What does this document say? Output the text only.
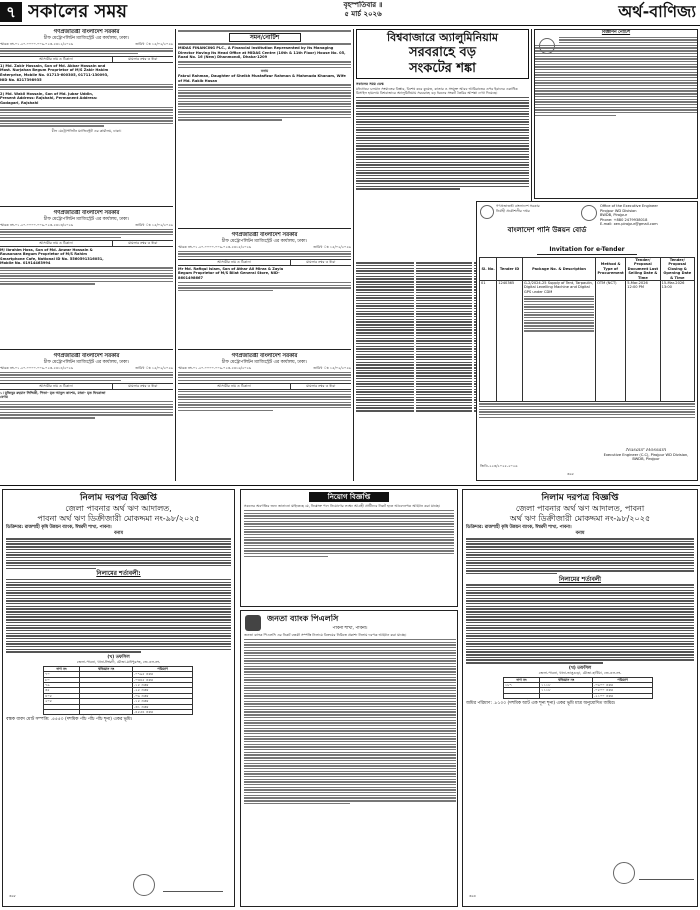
৭ সকালের সময়	বৃহস্পতিবার ॥
৫ মার্চ ২০২৬	অর্থ-বাণিজ্য
গণপ্রজাতন্ত্রী বাংলাদেশ সরকার
চীফ মেট্রোপলিটন ম্যাজিস্ট্রেট এর কার্যালয়, ঢাকা।
স্মারক নং-০১.২০.০০০০.০০৯.০২৩.২৩১২/২০২৬	তারিখ ঃ ১৫/০২/২০২৬
আসামীর নাম ও ঠিকানা	মামলার নম্বর ও ধারা
1) Md. Zakir Hossain, Son of Md. Akbar Hossain and Most. Nurjahan Begum Proprietor of M/S Zakir Hakim Enterprise, Mobile No. 01713-600305, 01711-130093, NID No. 8217398935
2) Md. Wakil Hossain, Son of Md. Jubar Uddin, Present Address: Rajshahi, Permanent Address: Godagari, Rajshahi
চীফ মেট্রোপলিটন ম্যাজিস্ট্রেট এর কার্যালয়, ঢাকা।
গণপ্রজাতন্ত্রী বাংলাদেশ সরকার
চীফ মেট্রোপলিটন ম্যাজিস্ট্রেট এর কার্যালয়, ঢাকা।
স্মারক নং-০১.২০.০০০০.০০৯.০২৩.২৩১৩/২০২৬	তারিখ ঃ ১৫/০২/২০২৬
আসামীর নাম ও ঠিকানা	মামলার নম্বর ও ধারা
M/ Ibrahim Hoss, Son of Md. Anwar Hossain & Rousonara Begum Proprietor of M/S Rahim Smartphone Cafe, National ID No. 5560591316051, Mobile No. 01914463994
গণপ্রজাতন্ত্রী বাংলাদেশ সরকার
চীফ মেট্রোপলিটন ম্যাজিস্ট্রেট এর কার্যালয়, ঢাকা।
স্মারক নং-০১.২০.০০০০.০০৯.০২৩.২৩১৪/২০২৬	তারিখ ঃ ১৫/০২/২০২৬
আসামীর নাম ও ঠিকানা	মামলার নম্বর ও ধারা
১। মুজিবুর রহমান সিদ্দিকী, পিতা- মৃত আবুল কাশেম, মাতা- মৃত ফিরোজা বেগম
সমন/নোটিশ
MIDAS FINANCING PLC., A Financial Institution Represented by its Managing Director Having its Head Office at MIDAS Centre (10th & 11th Floor) House No. 05, Road No. 16 (New) Dhanmondi, Dhaka-1209
বনাম
Fakrul Rahman, Daughter of Sheikh Mustafizur Rahman & Mahmuda Khanam, Wife of Md. Rakib Hasan
গণপ্রজাতন্ত্রী বাংলাদেশ সরকার
চীফ মেট্রোপলিটন ম্যাজিস্ট্রেট এর কার্যালয়, ঢাকা।
স্মারক নং-০১.২০.০০০০.০০৯.০২৩.২৩১৫/২০২৬	তারিখ ঃ ১৫/০২/২০২৬
আসামীর নাম ও ঠিকানা	মামলার নম্বর ও ধারা
Mr Md. Rafiqul Islam, Son of Athar Ali Mirza & Zayla Begum Proprietor of M/S Bilat General Store, NID-8601498667
গণপ্রজাতন্ত্রী বাংলাদেশ সরকার
চীফ মেট্রোপলিটন ম্যাজিস্ট্রেট এর কার্যালয়, ঢাকা।
স্মারক নং-০১.২০.০০০০.০০৯.০২৩.২৩১৬/২০২৬	তারিখ ঃ ১৫/০২/২০২৬
আসামীর নাম ও ঠিকানা	মামলার নম্বর ও ধারা
বিশ্ববাজারে অ্যালুমিনিয়াম
সরবরাহে বড়
সংকটের শঙ্কা
সকালের সময় ডেস্ক
মধ্যপ্রাচ্যে চলমান সংঘাতের বিস্তার, বিশেষ করে কুয়েত, কাতার ও সংযুক্ত আরব আমিরাতের ওপর ইরানের একাধিক মিসাইল হামলায় বিশ্ববাজারে অ্যালুমিনিয়াম সরবরাহে বড় ধরনের সংকট তৈরির আশঙ্কা দেখা দিয়েছে।
বিজ্ঞাপন নোটিশ
গণপ্রজাতন্ত্রী বাংলাদেশ সরকার
নির্বাহী প্রকৌশলীর দপ্তর
Office of the Executive Engineer
Pirojpur WD Division
BWDB, Pirojpur
Phone: +880 2479938018
E-mail: xen.pirojpur@gmail.com
বাংলাদেশ পানি উন্নয়ন বোর্ড
Invitation for e-Tender
Sl. No.	Tender ID	Package No. & Description	Method & Type of Procurement	Tender/ Proposal Document Last Selling Date & Time	Tender/ Proposal Closing & Opening Date & Time
01	1240365	G-2/2024-25 Supply of Tent, Tarpaulin, Digital Levelling Machine and Digital GPS under CDM	OTM (NCT)	5-Mar-2026 12:00 PM	15-Mar-2026 13:00
জিডি-২২৩/২০২৫-২০২৬
Nusaiir Hossain
Executive Engineer (C.C), Pirojpur WD Division, BWDB, Pirojpur
৩৬৫
নিলাম দরপত্র বিজ্ঞপ্তি
জেলা পাবনার অর্থ ঋণ আদালত,
পাবনা অর্থ ঋণ ডিক্রীজারী মোকদ্দমা নং-৯৮/২০২৫
ডিক্রিদার: রাজশাহী কৃষি উন্নয়ন ব্যাংক, ঈশ্বরদী শাখা, পাবনা।
বনাম
নিলামের শর্তাবলী:
(খ) তফসিল
জেলা-পাবনা, থানা-ঈশ্বরদী, মৌজা-মাধপুরসহ, জে.এল.নং-
দাগ নং	খতিয়ান নং	পরিমাণ
৭০		.০৭৯৫ একর
৮০		.০৩৪৫ একর
৭৯		.১৫ একর
৩৫		.২৫ একর
৪০৫		.০৬ একর
২০৫		.১৫ একর
		.৩১ একর
		.৪৫৫৪ একর
বন্ধক বাবদ মোট সম্পত্তি: .৫৫৫০ (দশমিক পাঁচ পাঁচ পাঁচ শূন্য) একর ভূমি।
৩৬৮
নিয়োগ বিজ্ঞপ্তি
সকলের অবগতির জন্য জানানো যাইতেছে যে, নিম্নোক্ত পদে নিয়োগের লক্ষ্যে আগ্রহী প্রার্থীদের নিকট হতে আবেদনপত্র আহ্বান করা যাচ্ছে।
জনতা ব্যাংক পিএলসি
পাবনা শাখা, পাবনা।
জনতা ব্যাংক পিএলসি এর নিকট বন্ধকী সম্পত্তি নিলামে বিক্রয়ের নিমিত্তে প্রকাশ্য নিলাম দরপত্র আহ্বান করা যাচ্ছে।
নিলাম দরপত্র বিজ্ঞপ্তি
জেলা পাবনার অর্থ ঋণ আদালত, পাবনা
অর্থ ঋণ ডিক্রীজারী মোকদ্দমা নং-৯৮/২০২৫
ডিক্রিদার: রাজশাহী কৃষি উন্নয়ন ব্যাংক, ঈশ্বরদী শাখা, পাবনা।
বনাম
নিলামের শর্তাবলী
(খ) তফসিল
জেলা-পাবনা, থানা-ভাঙ্গুড়া, মৌজা-হাটিয়া, জে.এল.নং-
দাগ নং	খতিয়ান নং	পরিমাণ
১৮৭	১১১৮	.০৬০০ একর
	১১১৮	.০৫০০ একর
		.২১০০ একর
জমির পরিমাণ: .৮১০০ (দশমিক আট এক শূন্য শূন্য) একর ভূমি মাত্র অনুমোদিত জমির।
৩৬৪
